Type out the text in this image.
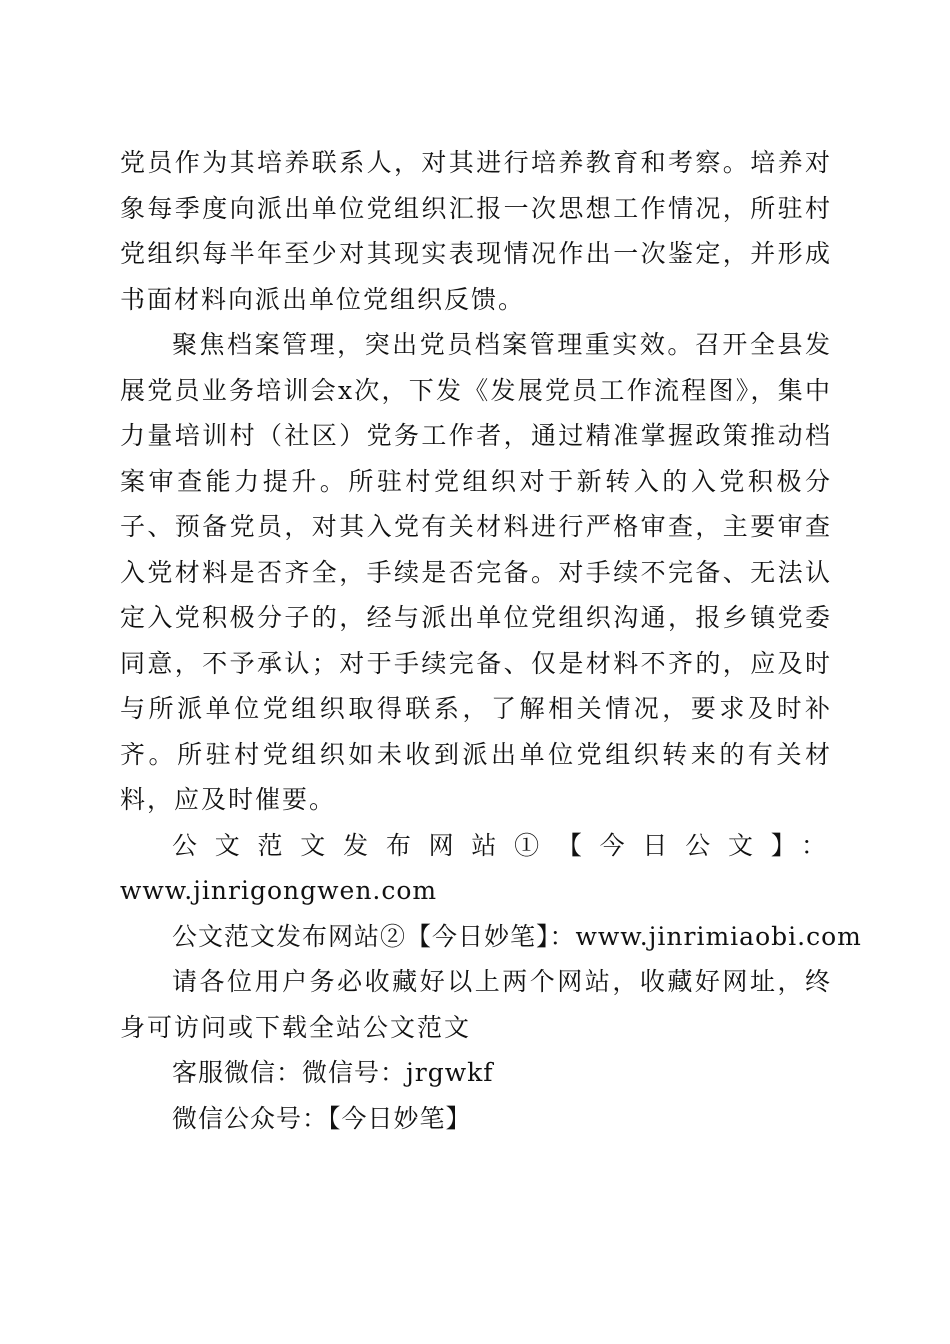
党员作为其培养联系人，对其进行培养教育和考察。培养对象每季度向派出单位党组织汇报一次思想工作情况，所驻村党组织每半年至少对其现实表现情况作出一次鉴定，并形成书面材料向派出单位党组织反馈。

聚焦档案管理，突出党员档案管理重实效。召开全县发展党员业务培训会x次，下发《发展党员工作流程图》，集中力量培训村（社区）党务工作者，通过精准掌握政策推动档案审查能力提升。所驻村党组织对于新转入的入党积极分子、预备党员，对其入党有关材料进行严格审查，主要审查入党材料是否齐全，手续是否完备。对手续不完备、无法认定入党积极分子的，经与派出单位党组织沟通，报乡镇党委同意，不予承认；对于手续完备、仅是材料不齐的，应及时与所派单位党组织取得联系，了解相关情况，要求及时补齐。所驻村党组织如未收到派出单位党组织转来的有关材料，应及时催要。

公文范文发布网站①【今日公文】：

www.jinrigongwen.com

公文范文发布网站②【今日妙笔】：www.jinrimiaobi.com

请各位用户务必收藏好以上两个网站，收藏好网址，终身可访问或下载全站公文范文

客服微信：微信号：jrgwkf

微信公众号：【今日妙笔】
